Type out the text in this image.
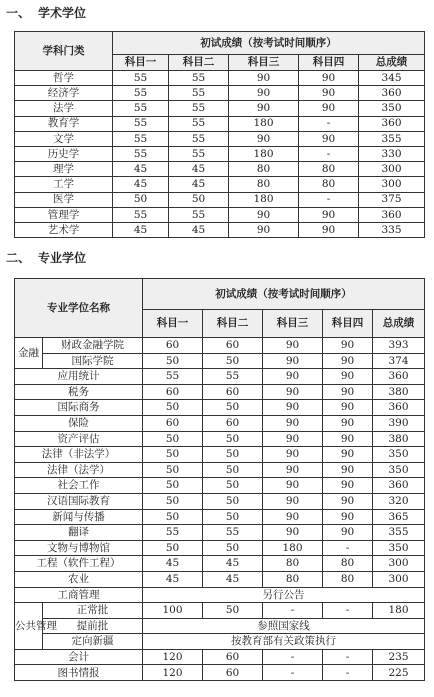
一、 学术学位
学科门类	初试成绩（按考试时间顺序）				
	科目一	科目二	科目三	科目四	总成绩
哲学	55	55	90	90	345
经济学	55	55	90	90	360
法学	55	55	90	90	350
教育学	55	55	180	-	360
文学	55	55	90	90	355
历史学	55	55	180	-	330
理学	45	45	80	80	300
工学	45	45	80	80	300
医学	50	50	180	-	375
管理学	55	55	90	90	360
艺术学	45	45	90	90	335
二、 专业学位
专业学位名称		初试成绩（按考试时间顺序）				
		科目一	科目二	科目三	科目四	总成绩
金融	财政金融学院	60	60	90	90	393
	国际学院	50	50	90	90	374
应用统计		55	55	90	90	360
税务		60	60	90	90	380
国际商务		50	50	90	90	360
保险		60	60	90	90	390
资产评估		50	50	90	90	380
法律（非法学）		50	50	90	90	350
法律（法学）		50	50	90	90	350
社会工作		50	50	90	90	360
汉语国际教育		50	50	90	90	320
新闻与传播		50	50	90	90	365
翻译		55	55	90	90	355
文物与博物馆		50	50	180	-	350
工程（软件工程）		45	45	80	80	300
农业		45	45	80	80	300
工商管理		另行公告				
公共管理	正常批	100	50	-	-	180
	提前批	参照国家线				
	定向新疆	按教育部有关政策执行				
会计		120	60	-	-	235
图书情报		120	60	-	-	225
